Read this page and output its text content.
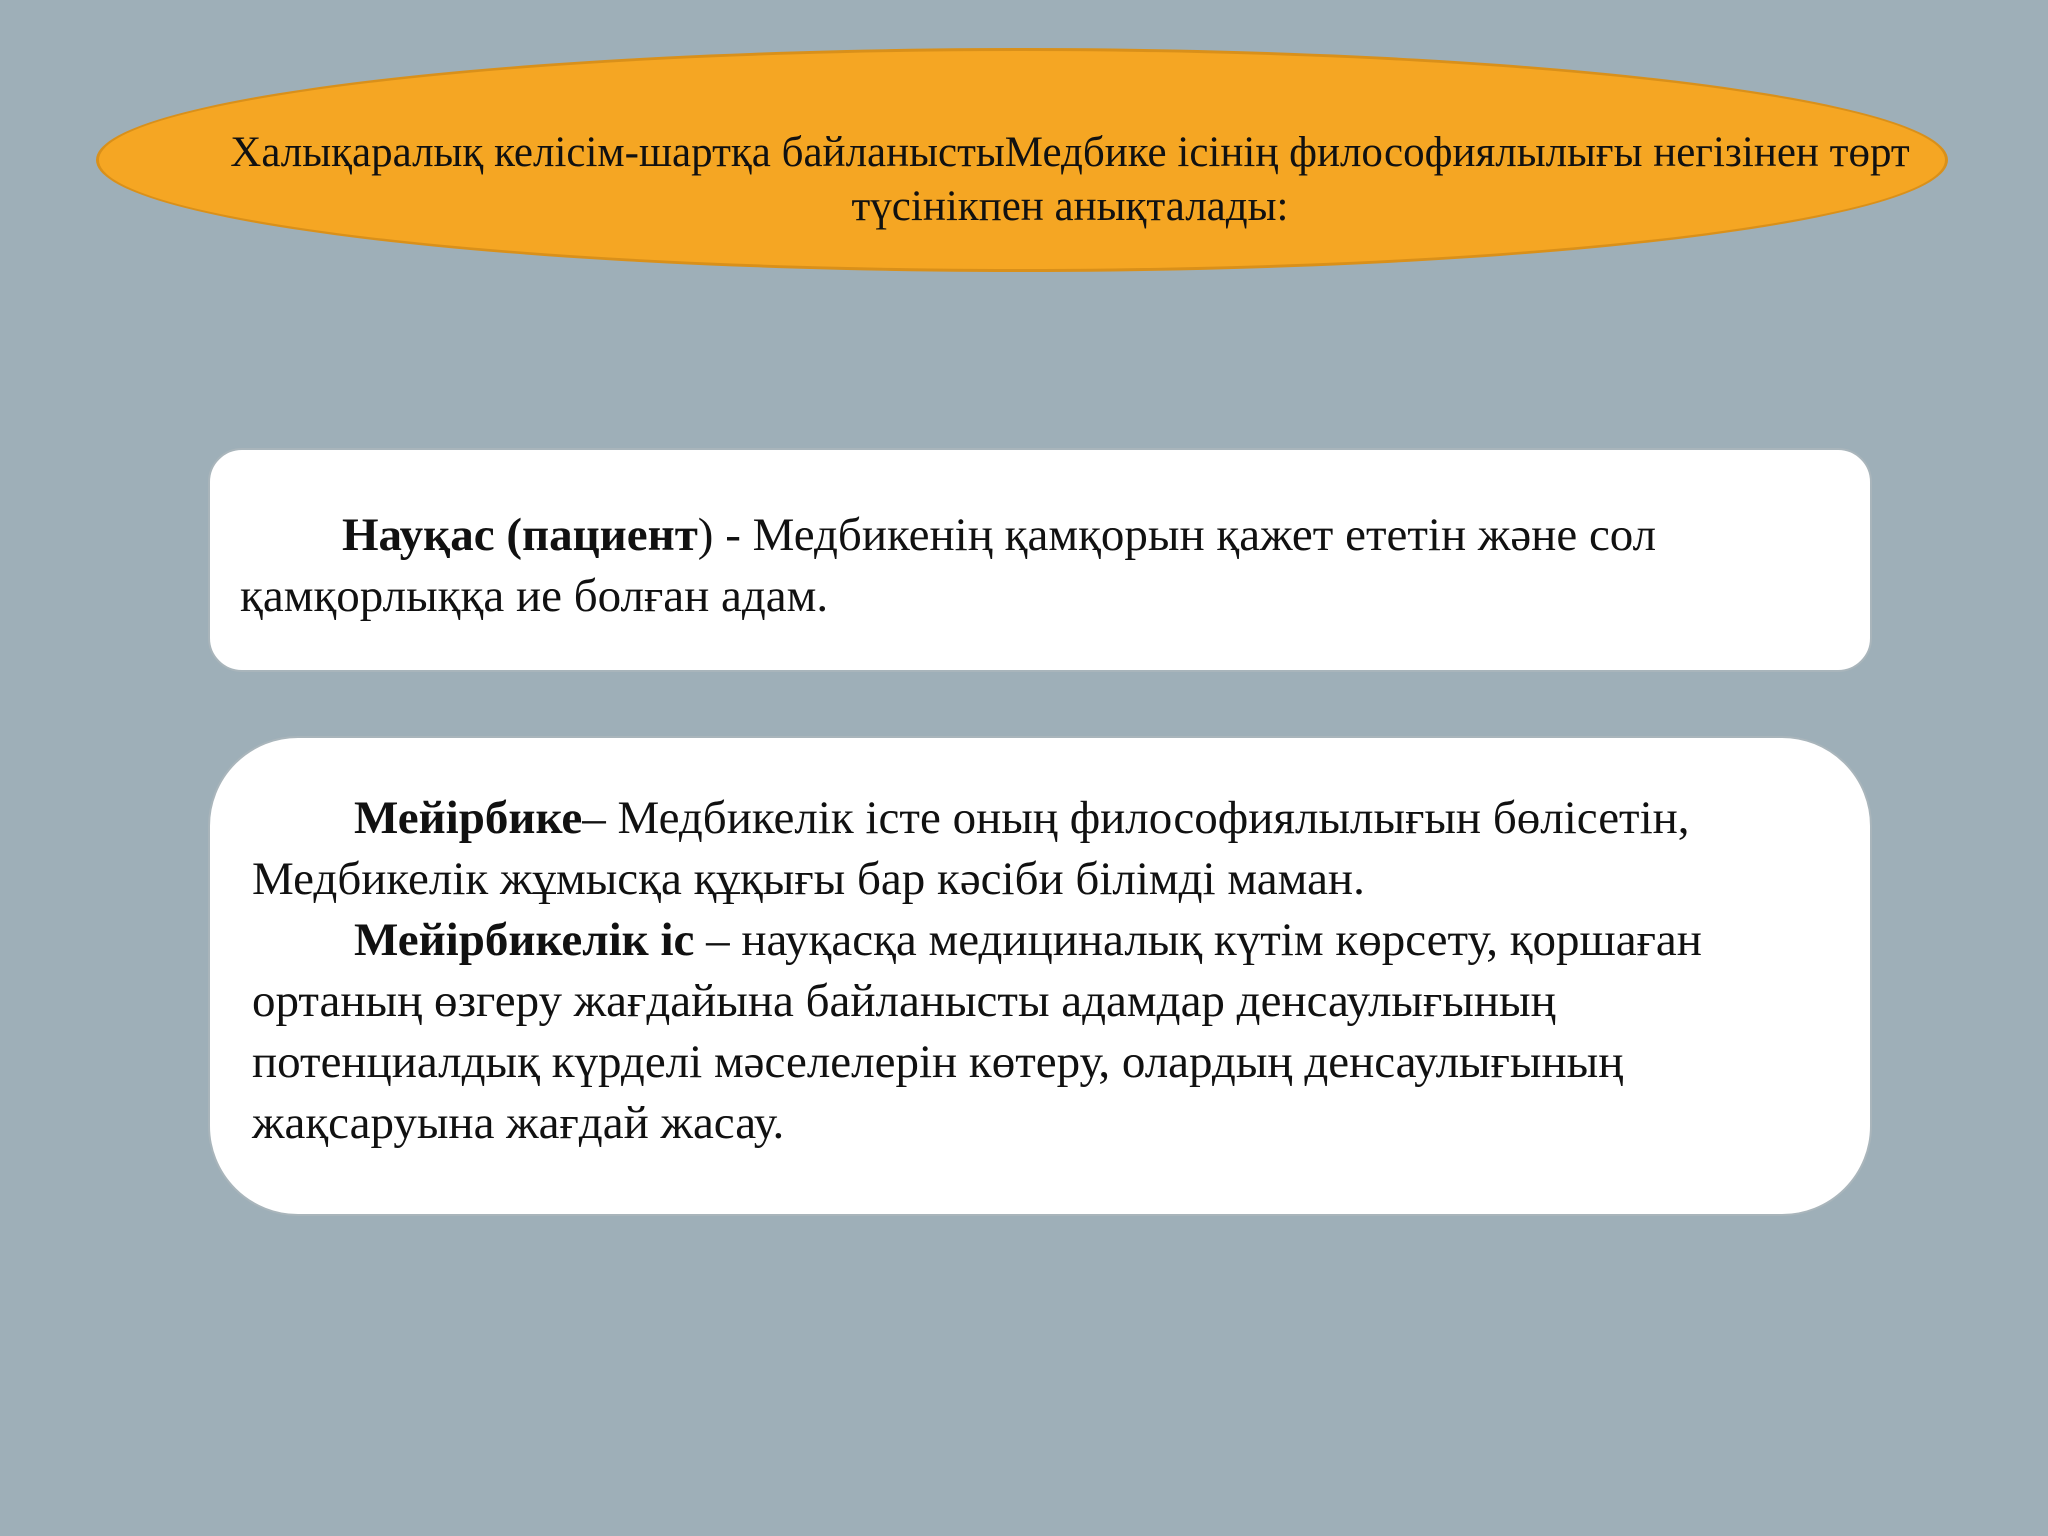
Халықаралық келісім-шартқа байланыстыМедбике ісінің философиялылығы негізінен төрт
түсінікпен анықталады:
Науқас (пациент) - Медбикенің қамқорын қажет ететін және сол
қамқорлыққа ие болған адам.
Мейірбике– Медбикелік істе оның философиялылығын бөлісетін,
Медбикелік жұмысқа құқығы бар кәсіби білімді маман.
Мейірбикелік іс – науқасқа медициналық күтім көрсету, қоршаған
ортаның өзгеру жағдайына байланысты адамдар денсаулығының
потенциалдық күрделі мәселелерін көтеру, олардың денсаулығының
жақсаруына жағдай жасау.
